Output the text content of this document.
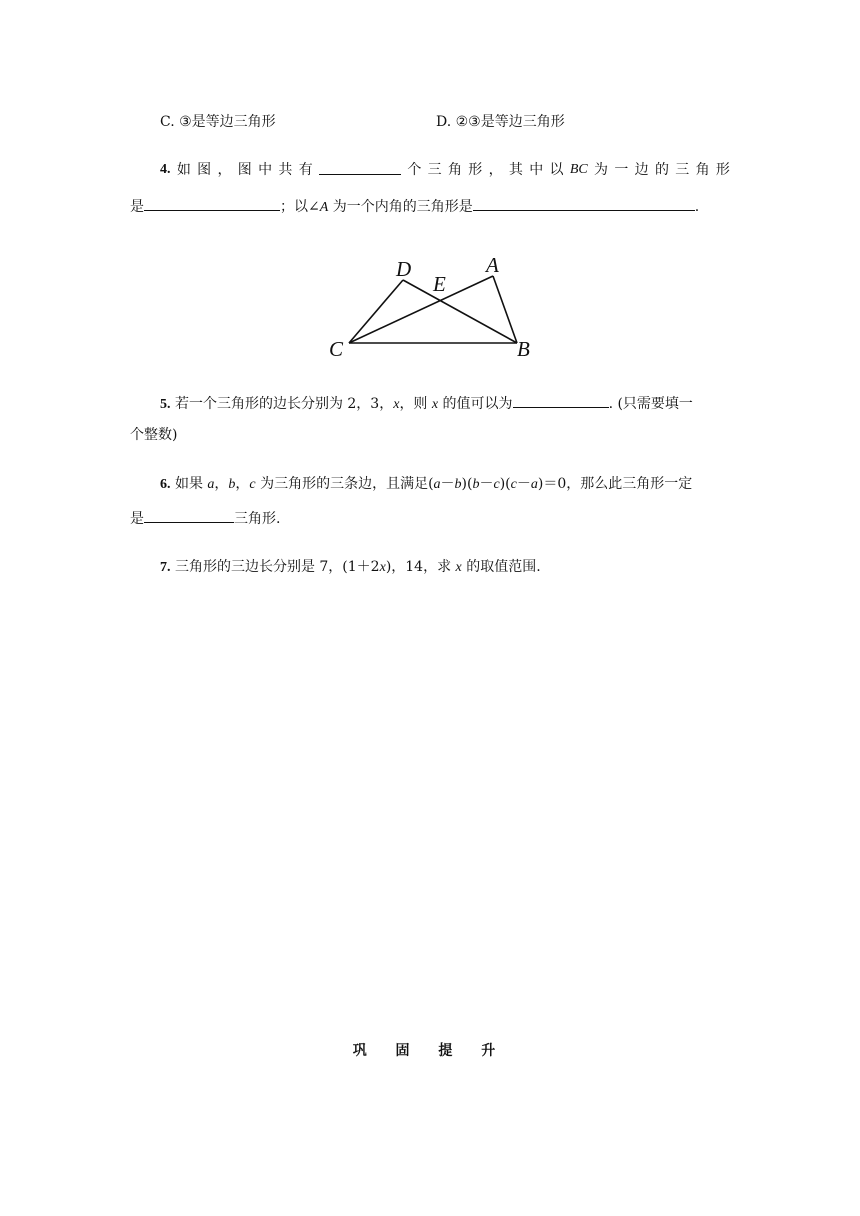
C. ③是等边三角形	D. ②③是等边三角形
4. 如 图 ， 图 中 共 有	个 三 角 形 ， 其 中 以 BC 为 一 边 的 三 角 形
是	；以∠A 为一个内角的三角形是	.
D	A
E
C	B
5. 若一个三角形的边长分别为 2，3，x，则 x 的值可以为	. (只需要填一
个整数)
6. 如果 a，b，c 为三角形的三条边，且满足(a－b)(b－c)(c－a)＝0，那么此三角形一定
是	三角形.
7. 三角形的三边长分别是 7，(1＋2x)，14，求 x 的取值范围.
巩 固 提 升
